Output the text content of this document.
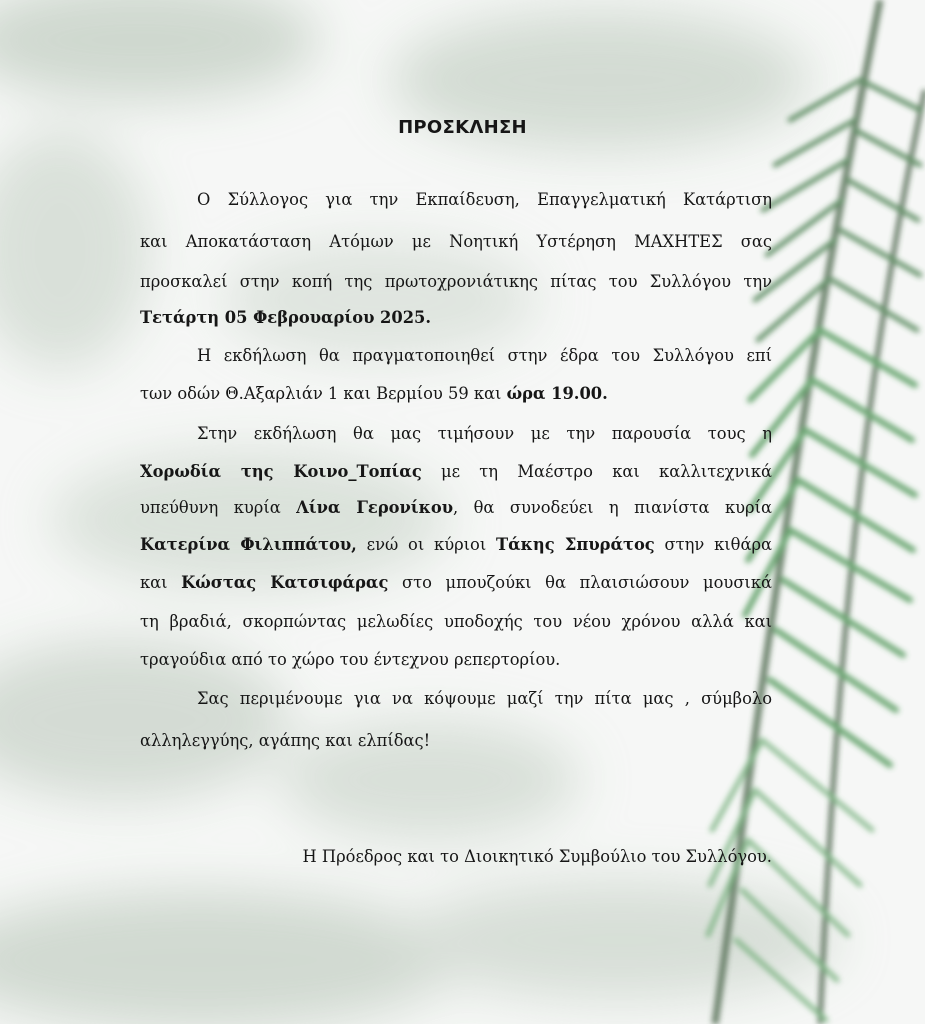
ΠΡΟΣΚΛΗΣΗ

Ο Σύλλογος για την Εκπαίδευση, Επαγγελματική Κατάρτιση

και Αποκατάσταση Ατόμων με Νοητική Υστέρηση ΜΑΧΗΤΕΣ σας

προσκαλεί στην κοπή της πρωτοχρονιάτικης πίτας του Συλλόγου την

Τετάρτη 05 Φεβρουαρίου 2025.

Η εκδήλωση θα πραγματοποιηθεί στην έδρα του Συλλόγου επί

των οδών Θ.Αξαρλιάν 1 και Βερμίου 59 και ώρα 19.00.

Στην εκδήλωση θα μας τιμήσουν με την παρουσία τους η

Χορωδία της Κοινο_Τοπίας με τη Μαέστρο και καλλιτεχνικά

υπεύθυνη κυρία Λίνα Γερονίκου, θα συνοδεύει η πιανίστα κυρία

Κατερίνα Φιλιππάτου, ενώ οι κύριοι Τάκης Σπυράτος στην κιθάρα

και Κώστας Κατσιφάρας στο μπουζούκι θα πλαισιώσουν μουσικά

τη βραδιά, σκορπώντας μελωδίες υποδοχής του νέου χρόνου αλλά και

τραγούδια από το χώρο του έντεχνου ρεπερτορίου.

Σας περιμένουμε για να κόψουμε μαζί την πίτα μας , σύμβολο

αλληλεγγύης, αγάπης και ελπίδας!

Η Πρόεδρος και το Διοικητικό Συμβούλιο του Συλλόγου.
